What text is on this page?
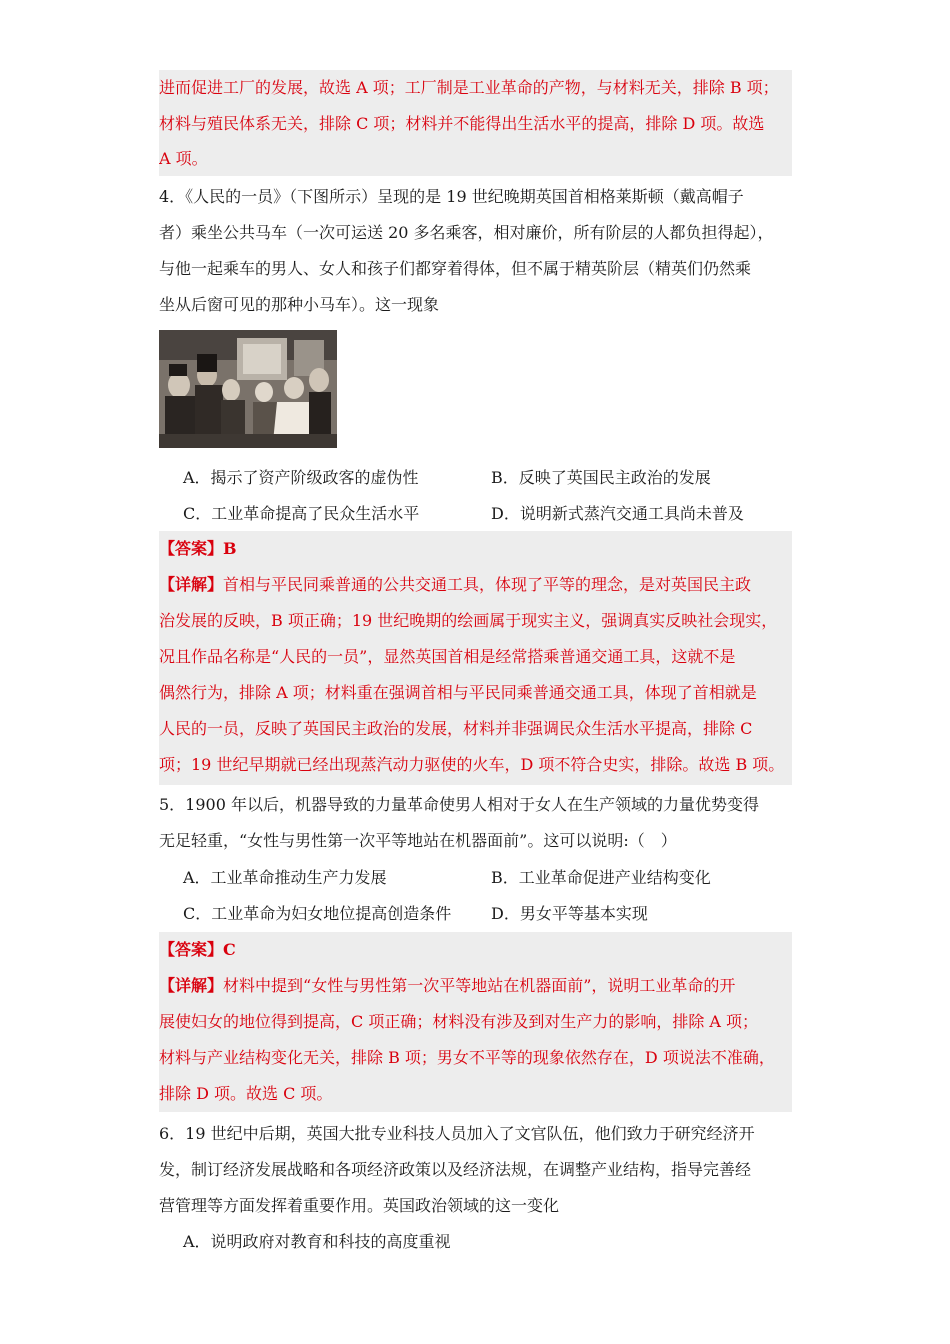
进而促进工厂的发展，故选 A 项；工厂制是工业革命的产物，与材料无关，排除 B 项；
材料与殖民体系无关，排除 C 项；材料并不能得出生活水平的提高，排除 D 项。故选
A 项。
4．《人民的一员》（下图所示）呈现的是 19 世纪晚期英国首相格莱斯顿（戴高帽子
者）乘坐公共马车（一次可运送 20 多名乘客，相对廉价，所有阶层的人都负担得起），
与他一起乘车的男人、女人和孩子们都穿着得体，但不属于精英阶层（精英们仍然乘
坐从后窗可见的那种小马车）。这一现象
A．揭示了资产阶级政客的虚伪性	B．反映了英国民主政治的发展
C．工业革命提高了民众生活水平	D．说明新式蒸汽交通工具尚未普及
【答案】B
【详解】首相与平民同乘普通的公共交通工具，体现了平等的理念，是对英国民主政
治发展的反映，B 项正确；19 世纪晚期的绘画属于现实主义，强调真实反映社会现实，
况且作品名称是“人民的一员”，显然英国首相是经常搭乘普通交通工具，这就不是
偶然行为，排除 A 项；材料重在强调首相与平民同乘普通交通工具，体现了首相就是
人民的一员，反映了英国民主政治的发展，材料并非强调民众生活水平提高，排除 C
项；19 世纪早期就已经出现蒸汽动力驱使的火车，D 项不符合史实，排除。故选 B 项。
5．1900 年以后，机器导致的力量革命使男人相对于女人在生产领域的力量优势变得
无足轻重，“女性与男性第一次平等地站在机器面前”。这可以说明:（　）
A．工业革命推动生产力发展	B．工业革命促进产业结构变化
C．工业革命为妇女地位提高创造条件 D．男女平等基本实现
【答案】C
【详解】材料中提到“女性与男性第一次平等地站在机器面前”，说明工业革命的开
展使妇女的地位得到提高，C 项正确；材料没有涉及到对生产力的影响，排除 A 项；
材料与产业结构变化无关，排除 B 项；男女不平等的现象依然存在，D 项说法不准确，
排除 D 项。故选 C 项。
6．19 世纪中后期，英国大批专业科技人员加入了文官队伍，他们致力于研究经济开
发，制订经济发展战略和各项经济政策以及经济法规，在调整产业结构，指导完善经
营管理等方面发挥着重要作用。英国政治领域的这一变化
A．说明政府对教育和科技的高度重视
